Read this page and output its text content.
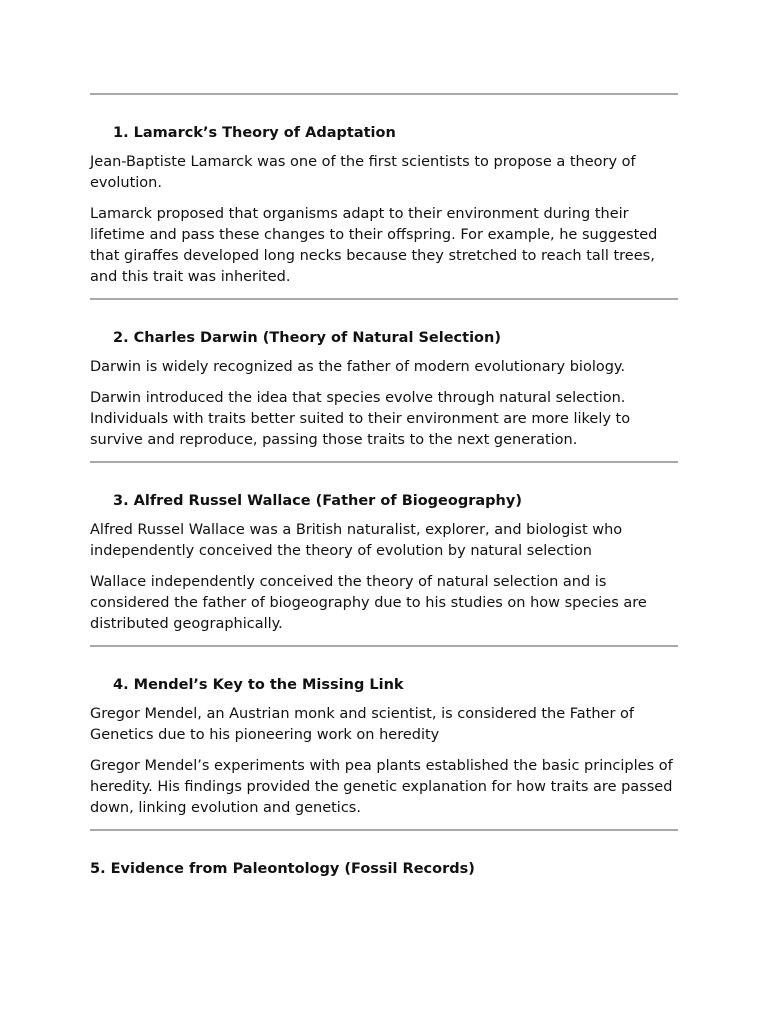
1. Lamarck’s Theory of Adaptation

Jean-Baptiste Lamarck was one of the first scientists to propose a theory of evolution.

Lamarck proposed that organisms adapt to their environment during their lifetime and pass these changes to their offspring. For example, he suggested that giraffes developed long necks because they stretched to reach tall trees, and this trait was inherited.

2. Charles Darwin (Theory of Natural Selection)

Darwin is widely recognized as the father of modern evolutionary biology.

Darwin introduced the idea that species evolve through natural selection. Individuals with traits better suited to their environment are more likely to survive and reproduce, passing those traits to the next generation.

3. Alfred Russel Wallace (Father of Biogeography)

Alfred Russel Wallace was a British naturalist, explorer, and biologist who independently conceived the theory of evolution by natural selection

Wallace independently conceived the theory of natural selection and is considered the father of biogeography due to his studies on how species are distributed geographically.

4. Mendel’s Key to the Missing Link

Gregor Mendel, an Austrian monk and scientist, is considered the Father of Genetics due to his pioneering work on heredity

Gregor Mendel’s experiments with pea plants established the basic principles of heredity. His findings provided the genetic explanation for how traits are passed down, linking evolution and genetics.

5. Evidence from Paleontology (Fossil Records)
